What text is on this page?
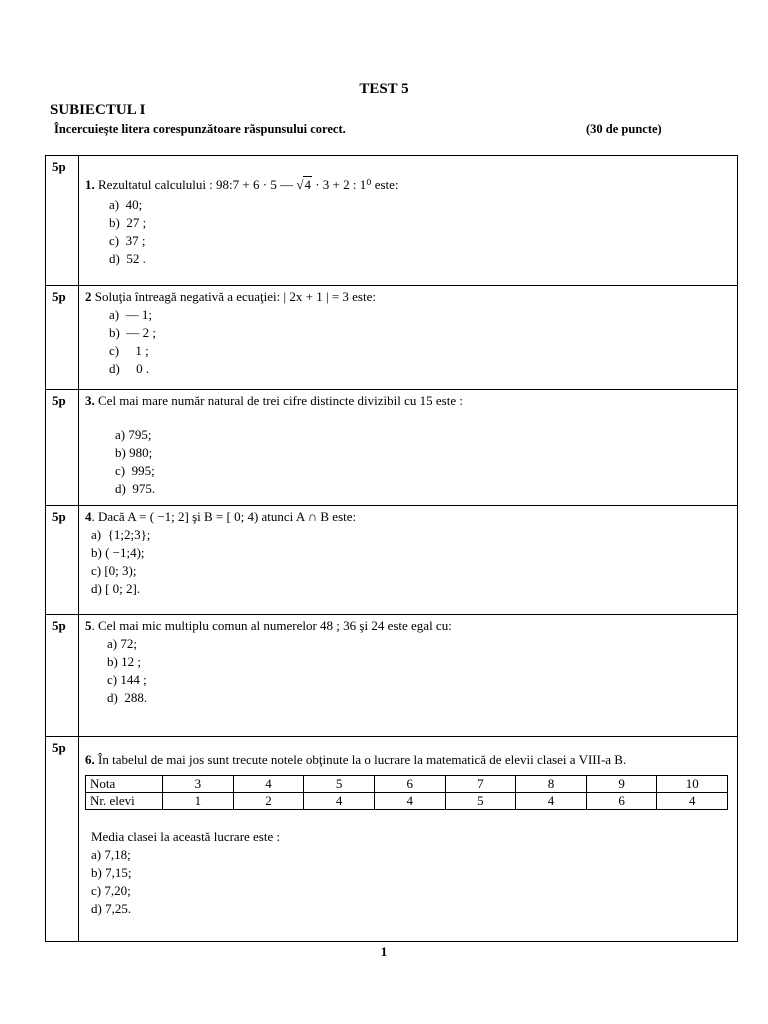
TEST 5
SUBIECTUL I
Încercuieşte litera corespunzătoare răspunsului corect.	(30 de puncte)
5p	
1. Rezultatul calculului : 98:7 + 6 · 5 — √4 · 3 + 2 : 1⁰ este:
a)  40;
b)  27 ;
c)  37 ;
d)  52 .

5p	2 Soluţia întreagă negativă a ecuaţiei: | 2x + 1 | = 3 este:
a)  — 1;
b)  — 2 ;
c)     1 ;
d)     0 .

5p	3. Cel mai mare număr natural de trei cifre distincte divizibil cu 15 este :
a) 795;
b) 980;
c)  995;
d)  975.

5p	4. Dacă A = ( −1; 2] şi B = [ 0; 4) atunci A ∩ B este:
a)  {1;2;3};
b) ( −1;4);
c) [0; 3);
d) [ 0; 2].

5p	5. Cel mai mic multiplu comun al numerelor 48 ; 36 şi 24 este egal cu:
a) 72;
b) 12 ;
c) 144 ;
d)  288.

5p	
6. În tabelul de mai jos sunt trecute notele obţinute la o lucrare la matematică de elevii clasei a VIII-a B.
Nota	3	4	5	6	7	8	9	10
Nr. elevi	1	2	4	4	5	4	6	4
Media clasei la această lucrare este :
a) 7,18;
b) 7,15;
c) 7,20;
d) 7,25.
1
